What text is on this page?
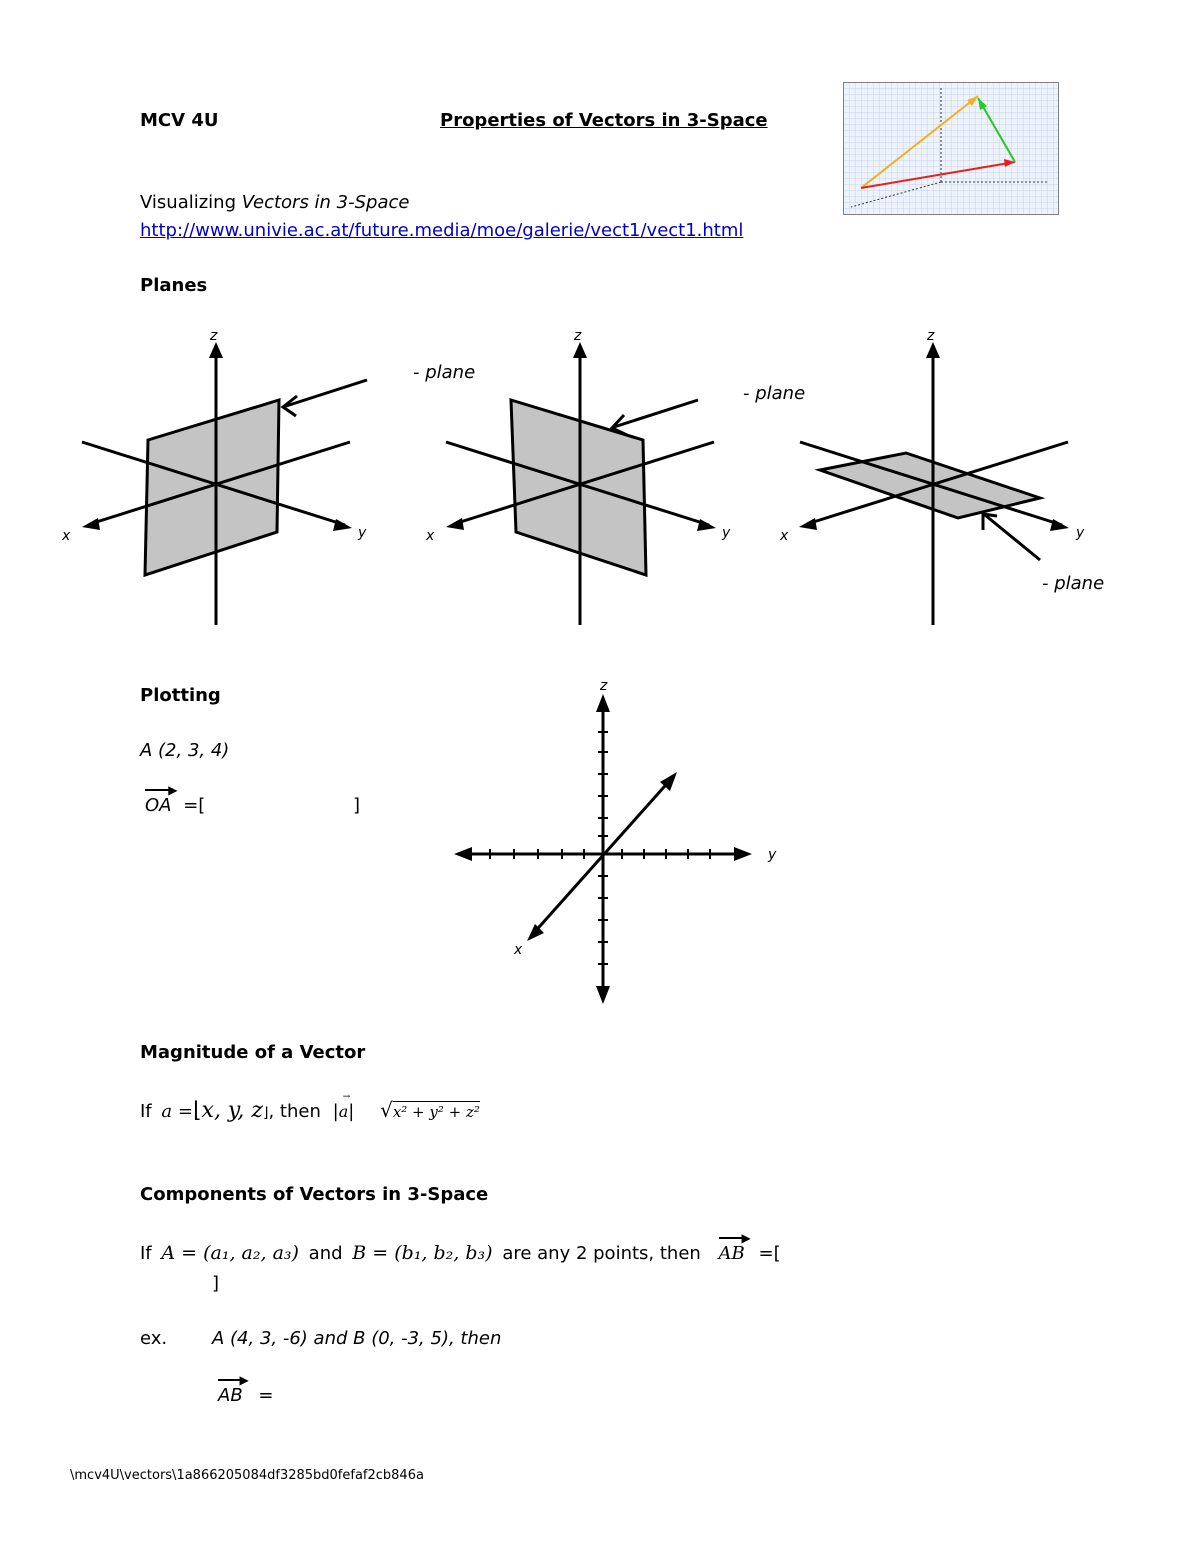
MCV 4U	Properties of Vectors in 3-Space
Visualizing Vectors in 3-Space
http://www.univie.ac.at/future.media/moe/galerie/vect1/vect1.html
Planes
z
x	y
- plane
z
x	y
- plane
z
x	y
- plane
Plotting
A (2, 3, 4)
▶
OA =[	]
z
y
x
Magnitude of a Vector
If a =⌊x, y, z⌋, then |
→
a| √x² + y² + z²
Components of Vectors in 3-Space
If A = (a₁, a₂, a₃) and B = (b₁, b₂, b₃) are any 2 points, then
▶
AB =[
]
ex. A (4, 3, -6) and B (0, -3, 5), then
▶
AB =
\mcv4U\vectors\1a866205084df3285bd0fefaf2cb846a
